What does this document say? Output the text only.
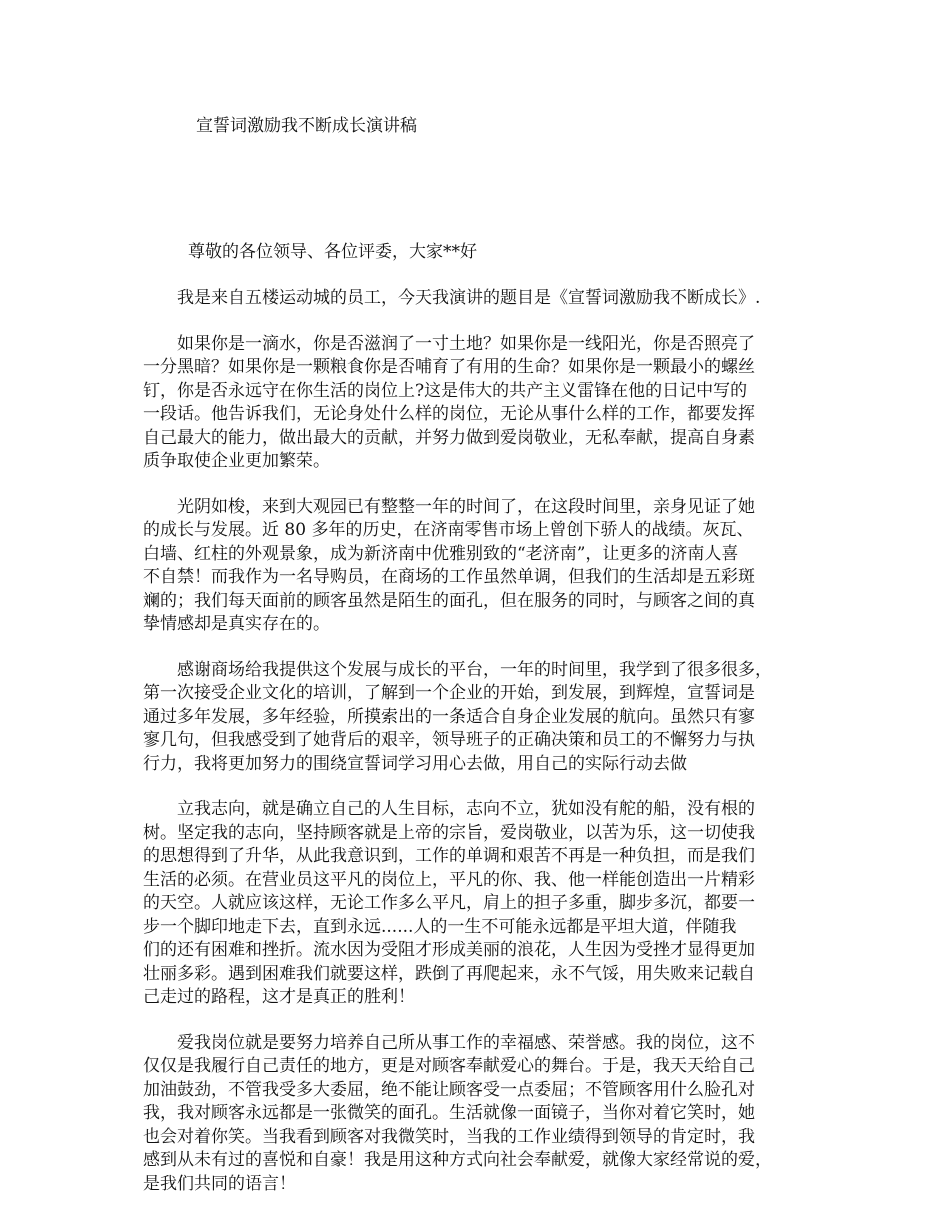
宣誓词激励我不断成长演讲稿
尊敬的各位领导、各位评委，大家**好
我是来自五楼运动城的员工，今天我演讲的题目是《宣誓词激励我不断成长》.
如果你是一滴水，你是否滋润了一寸土地？如果你是一线阳光，你是否照亮了
一分黑暗？如果你是一颗粮食你是否哺育了有用的生命？如果你是一颗最小的螺丝
钉，你是否永远守在你生活的岗位上?这是伟大的共产主义雷锋在他的日记中写的
一段话。他告诉我们，无论身处什么样的岗位，无论从事什么样的工作，都要发挥
自己最大的能力，做出最大的贡献，并努力做到爱岗敬业，无私奉献，提高自身素
质争取使企业更加繁荣。
光阴如梭，来到大观园已有整整一年的时间了，在这段时间里，亲身见证了她
的成长与发展。近 80 多年的历史，在济南零售市场上曾创下骄人的战绩。灰瓦、
白墙、红柱的外观景象，成为新济南中优雅别致的“老济南”，让更多的济南人喜
不自禁！而我作为一名导购员，在商场的工作虽然单调，但我们的生活却是五彩斑
斓的；我们每天面前的顾客虽然是陌生的面孔，但在服务的同时，与顾客之间的真
挚情感却是真实存在的。
感谢商场给我提供这个发展与成长的平台，一年的时间里，我学到了很多很多，
第一次接受企业文化的培训，了解到一个企业的开始，到发展，到辉煌，宣誓词是
通过多年发展，多年经验，所摸索出的一条适合自身企业发展的航向。虽然只有寥
寥几句，但我感受到了她背后的艰辛，领导班子的正确决策和员工的不懈努力与执
行力，我将更加努力的围绕宣誓词学习用心去做，用自己的实际行动去做
立我志向，就是确立自己的人生目标，志向不立，犹如没有舵的船，没有根的
树。坚定我的志向，坚持顾客就是上帝的宗旨，爱岗敬业，以苦为乐，这一切使我
的思想得到了升华，从此我意识到，工作的单调和艰苦不再是一种负担，而是我们
生活的必须。在营业员这平凡的岗位上，平凡的你、我、他一样能创造出一片精彩
的天空。人就应该这样，无论工作多么平凡，肩上的担子多重，脚步多沉，都要一
步一个脚印地走下去，直到永远......人的一生不可能永远都是平坦大道，伴随我
们的还有困难和挫折。流水因为受阻才形成美丽的浪花，人生因为受挫才显得更加
壮丽多彩。遇到困难我们就要这样，跌倒了再爬起来，永不气馁，用失败来记载自
己走过的路程，这才是真正的胜利！
爱我岗位就是要努力培养自己所从事工作的幸福感、荣誉感。我的岗位，这不
仅仅是我履行自己责任的地方，更是对顾客奉献爱心的舞台。于是，我天天给自己
加油鼓劲，不管我受多大委屈，绝不能让顾客受一点委屈；不管顾客用什么脸孔对
我，我对顾客永远都是一张微笑的面孔。生活就像一面镜子，当你对着它笑时，她
也会对着你笑。当我看到顾客对我微笑时，当我的工作业绩得到领导的肯定时，我
感到从未有过的喜悦和自豪！我是用这种方式向社会奉献爱，就像大家经常说的爱，
是我们共同的语言！
